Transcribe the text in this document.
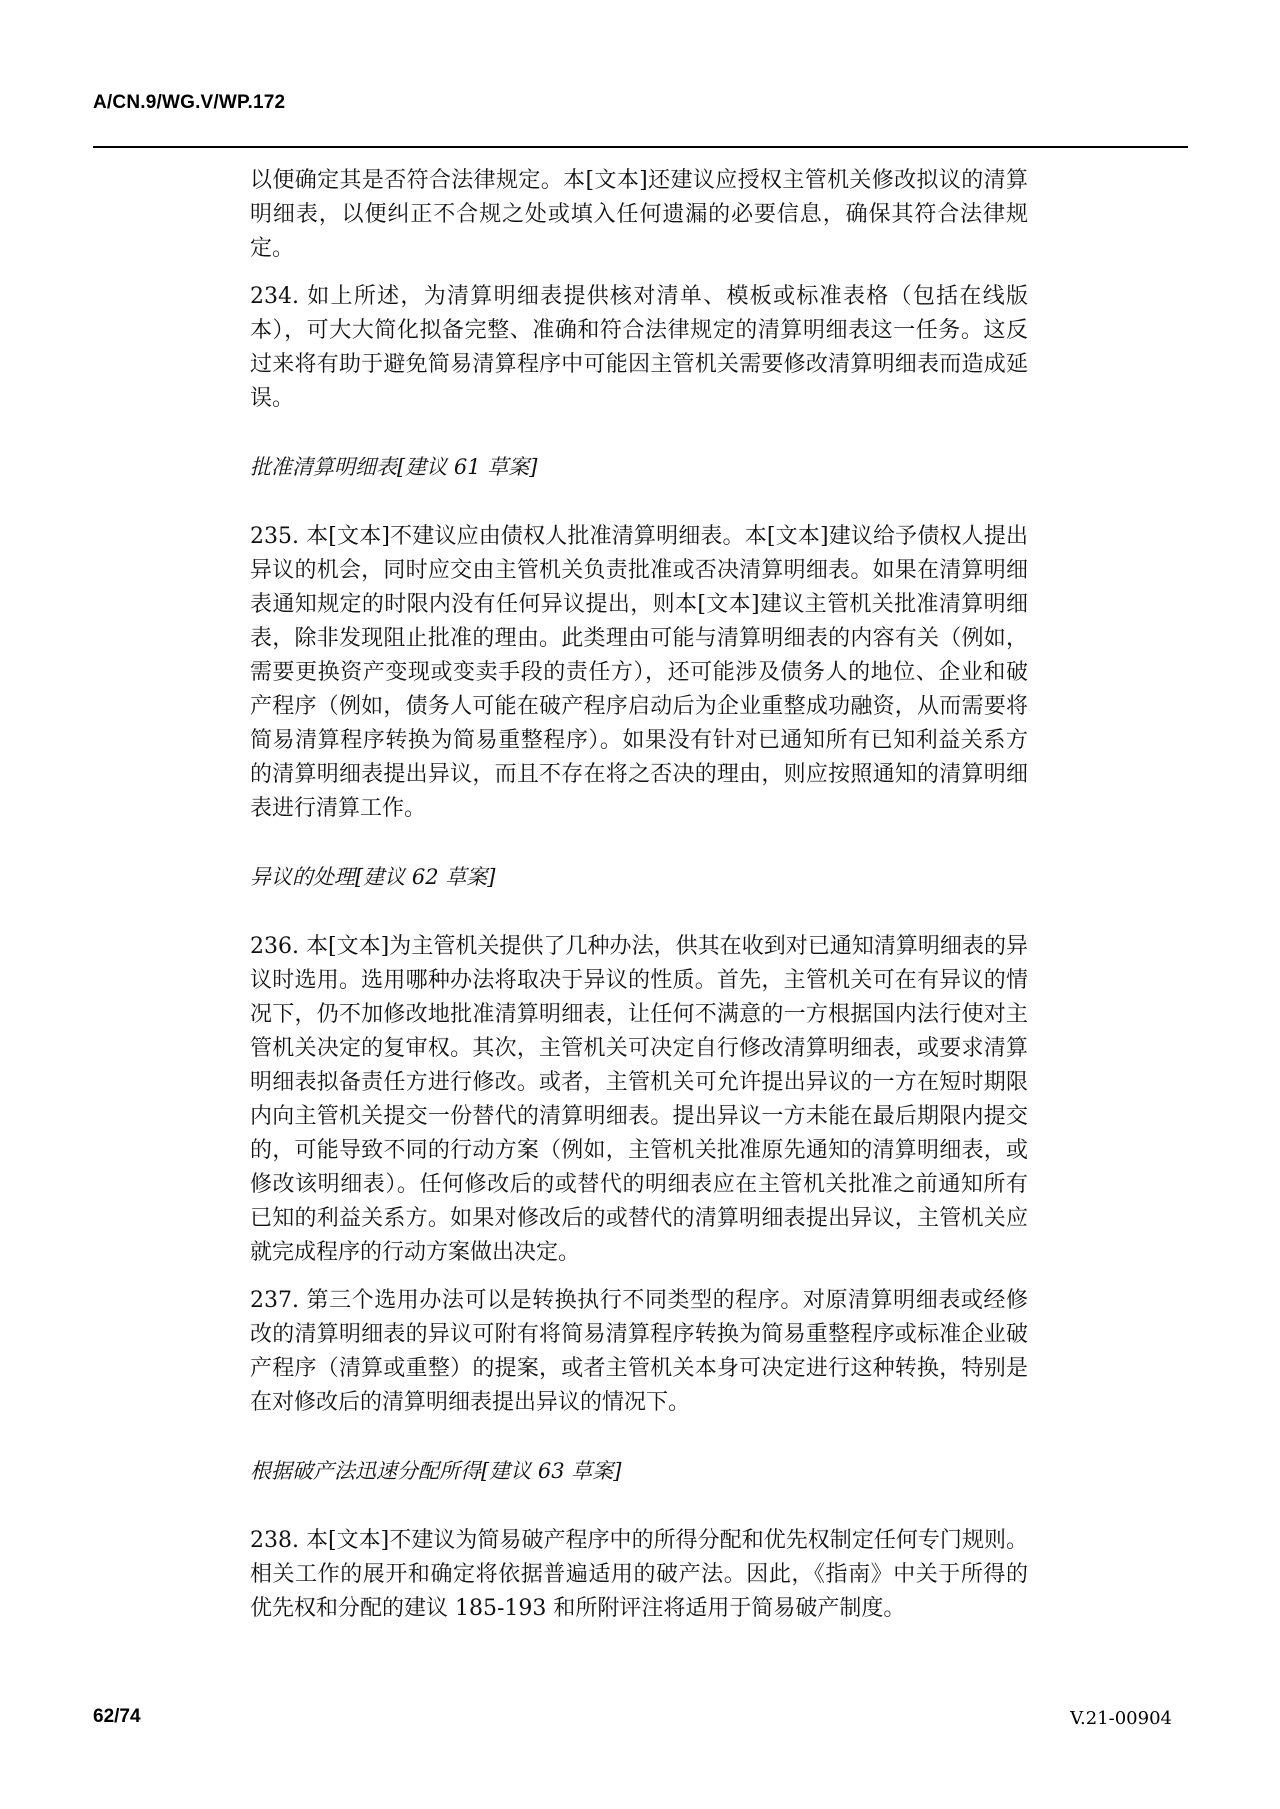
A/CN.9/WG.V/WP.172

以便确定其是否符合法律规定。本[文本]还建议应授权主管机关修改拟议的清算明细表，以便纠正不合规之处或填入任何遗漏的必要信息，确保其符合法律规定。

234. 如上所述，为清算明细表提供核对清单、模板或标准表格（包括在线版本），可大大简化拟备完整、准确和符合法律规定的清算明细表这一任务。这反过来将有助于避免简易清算程序中可能因主管机关需要修改清算明细表而造成延误。

批准清算明细表[建议 61 草案]

235. 本[文本]不建议应由债权人批准清算明细表。本[文本]建议给予债权人提出异议的机会，同时应交由主管机关负责批准或否决清算明细表。如果在清算明细表通知规定的时限内没有任何异议提出，则本[文本]建议主管机关批准清算明细表，除非发现阻止批准的理由。此类理由可能与清算明细表的内容有关（例如，需要更换资产变现或变卖手段的责任方），还可能涉及债务人的地位、企业和破产程序（例如，债务人可能在破产程序启动后为企业重整成功融资，从而需要将简易清算程序转换为简易重整程序）。如果没有针对已通知所有已知利益关系方的清算明细表提出异议，而且不存在将之否决的理由，则应按照通知的清算明细表进行清算工作。

异议的处理[建议 62 草案]

236. 本[文本]为主管机关提供了几种办法，供其在收到对已通知清算明细表的异议时选用。选用哪种办法将取决于异议的性质。首先，主管机关可在有异议的情况下，仍不加修改地批准清算明细表，让任何不满意的一方根据国内法行使对主管机关决定的复审权。其次，主管机关可决定自行修改清算明细表，或要求清算明细表拟备责任方进行修改。或者，主管机关可允许提出异议的一方在短时期限内向主管机关提交一份替代的清算明细表。提出异议一方未能在最后期限内提交的，可能导致不同的行动方案（例如，主管机关批准原先通知的清算明细表，或修改该明细表）。任何修改后的或替代的明细表应在主管机关批准之前通知所有已知的利益关系方。如果对修改后的或替代的清算明细表提出异议，主管机关应就完成程序的行动方案做出决定。

237. 第三个选用办法可以是转换执行不同类型的程序。对原清算明细表或经修改的清算明细表的异议可附有将简易清算程序转换为简易重整程序或标准企业破产程序（清算或重整）的提案，或者主管机关本身可决定进行这种转换，特别是在对修改后的清算明细表提出异议的情况下。

根据破产法迅速分配所得[建议 63 草案]

238. 本[文本]不建议为简易破产程序中的所得分配和优先权制定任何专门规则。相关工作的展开和确定将依据普遍适用的破产法。因此，《指南》中关于所得的优先权和分配的建议 185-193 和所附评注将适用于简易破产制度。

62/74	V.21-00904
